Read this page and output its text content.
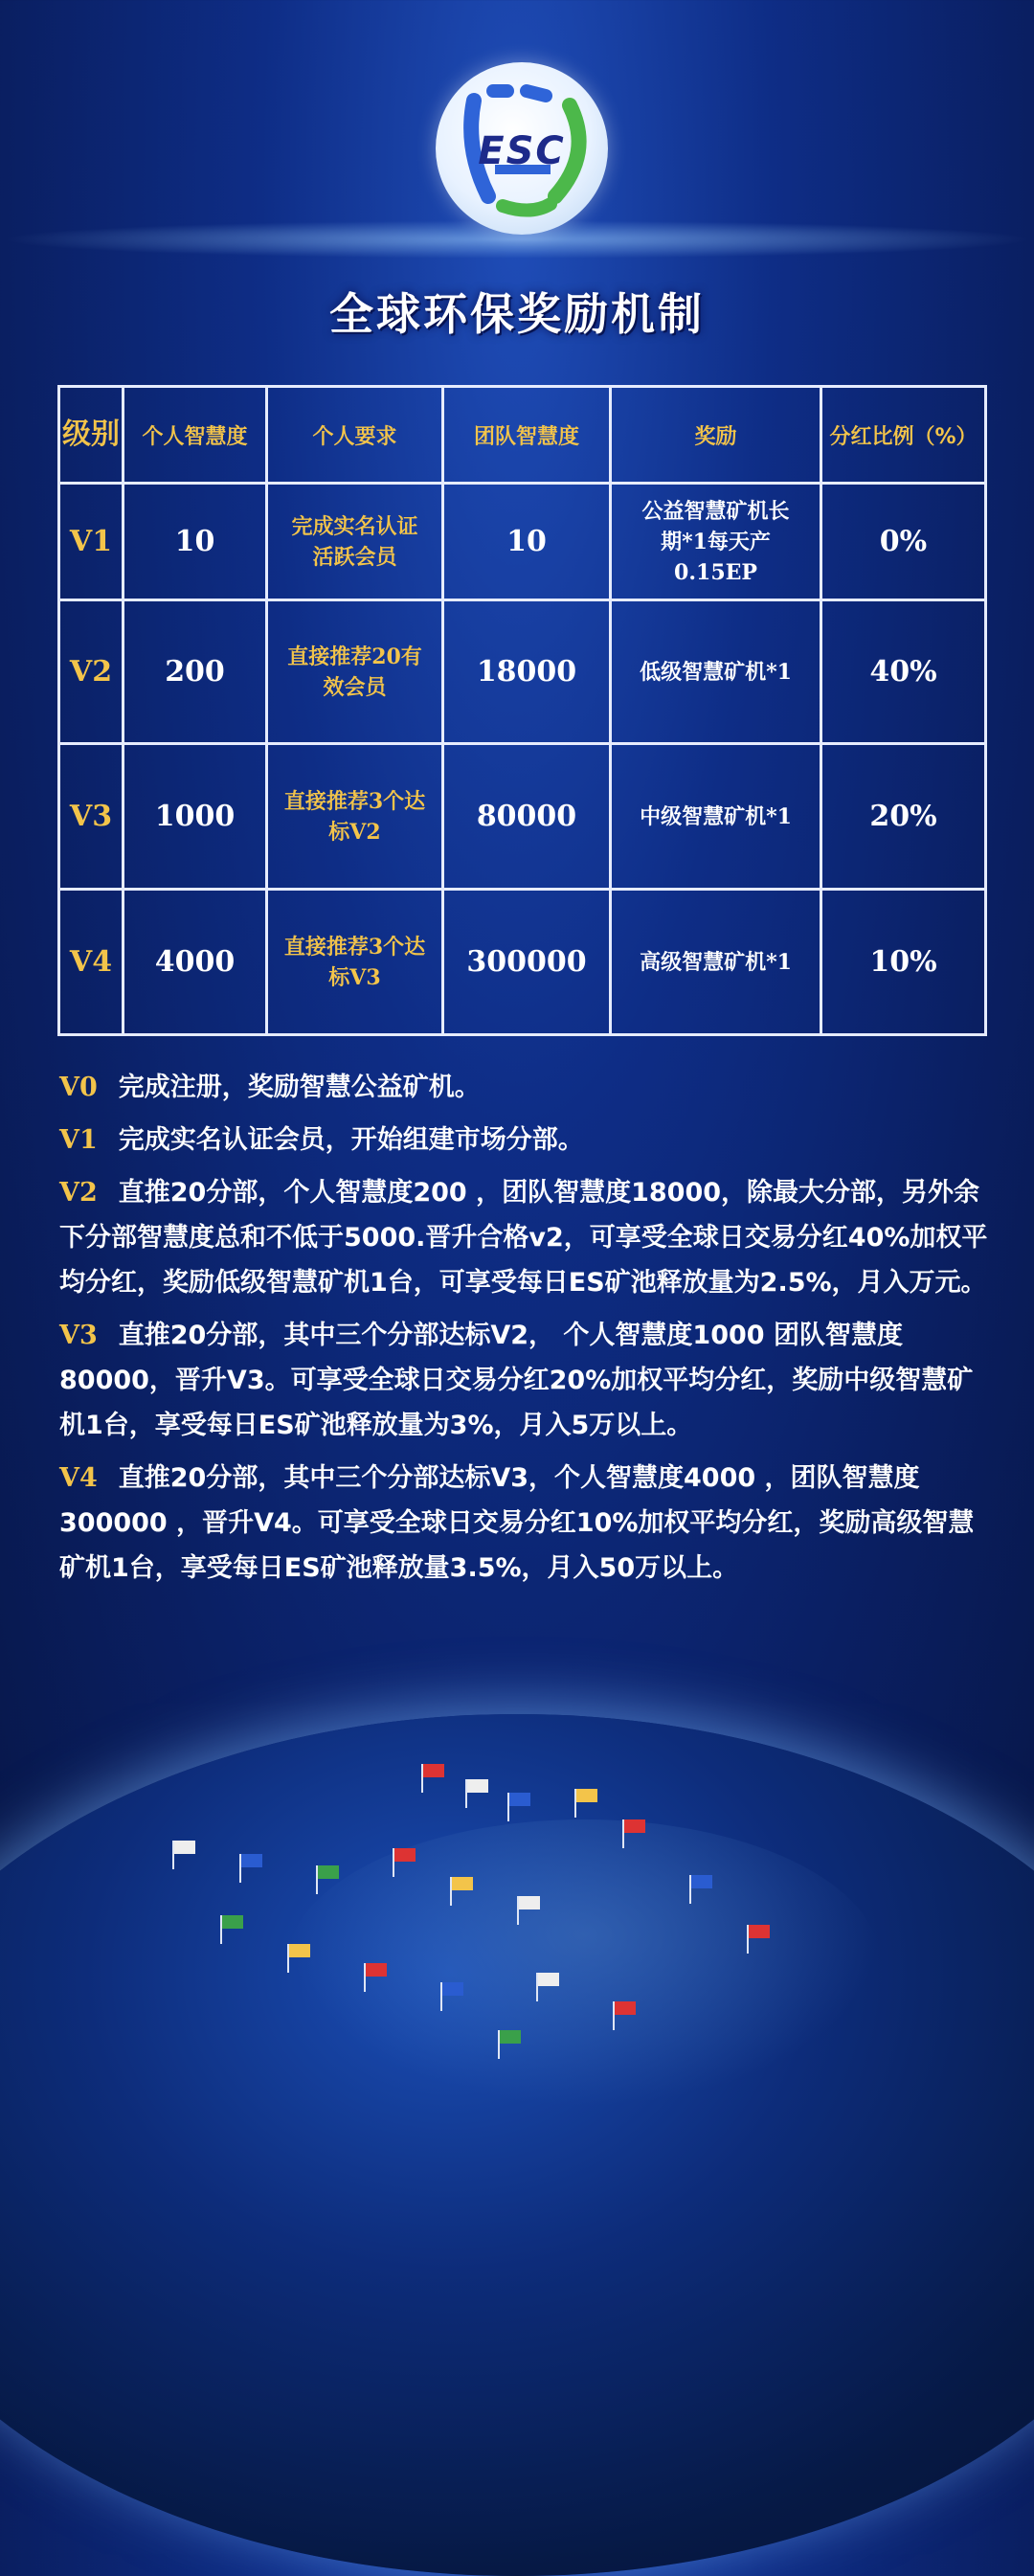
ESC
全球环保奖励机制
级别	个人智慧度	个人要求	团队智慧度	奖励	分红比例（%）
V1	10	完成实名认证活跃会员	10	公益智慧矿机长期*1每天产0.15EP	0%
V2	200	直接推荐20有效会员	18000	低级智慧矿机*1	40%
V3	1000	直接推荐3个达标V2	80000	中级智慧矿机*1	20%
V4	4000	直接推荐3个达标V3	300000	高级智慧矿机*1	10%

V0 完成注册，奖励智慧公益矿机。

V1 完成实名认证会员，开始组建市场分部。

V2 直推20分部，个人智慧度200 ，团队智慧度18000，除最大分部，另外余下分部智慧度总和不低于5000.晋升合格v2，可享受全球日交易分红40%加权平均分红，奖励低级智慧矿机1台，可享受每日ES矿池释放量为2.5%，月入万元。

V3 直推20分部，其中三个分部达标V2， 个人智慧度1000 团队智慧度80000，晋升V3。可享受全球日交易分红20%加权平均分红，奖励中级智慧矿机1台，享受每日ES矿池释放量为3%，月入5万以上。

V4 直推20分部，其中三个分部达标V3，个人智慧度4000 ，团队智慧度 300000 ，晋升V4。可享受全球日交易分红10%加权平均分红，奖励高级智慧矿机1台，享受每日ES矿池释放量3.5%，月入50万以上。
